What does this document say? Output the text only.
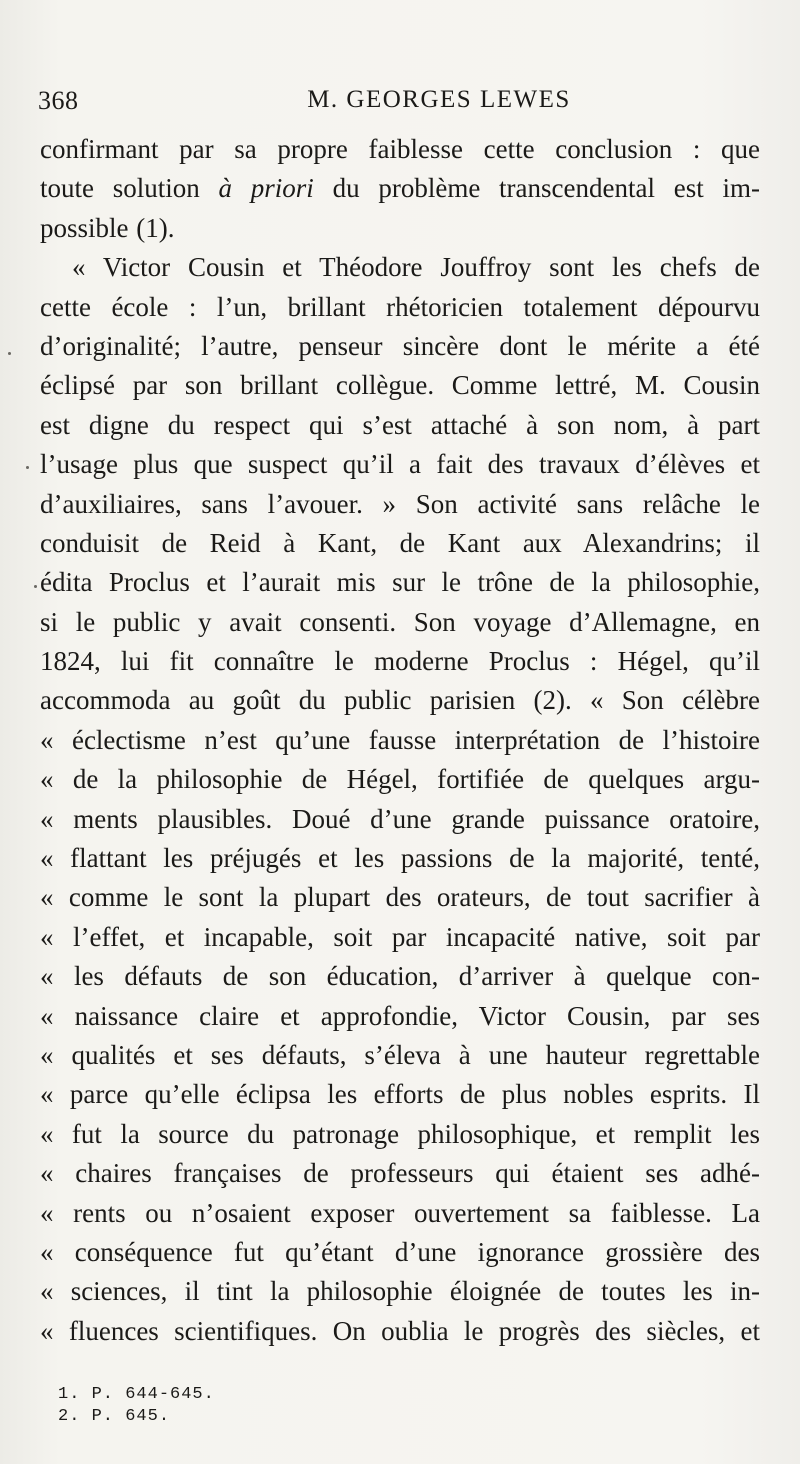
368	M. GEORGES LEWES
confirmant par sa propre faiblesse cette conclusion : que
toute solution à priori du problème transcendental est im-
possible (1).
« Victor Cousin et Théodore Jouffroy sont les chefs de
cette école : l’un, brillant rhétoricien totalement dépourvu
d’originalité; l’autre, penseur sincère dont le mérite a été
éclipsé par son brillant collègue. Comme lettré, M. Cousin
est digne du respect qui s’est attaché à son nom, à part
l’usage plus que suspect qu’il a fait des travaux d’élèves et
d’auxiliaires, sans l’avouer. » Son activité sans relâche le
conduisit de Reid à Kant, de Kant aux Alexandrins; il
édita Proclus et l’aurait mis sur le trône de la philosophie,
si le public y avait consenti. Son voyage d’Allemagne, en
1824, lui fit connaître le moderne Proclus : Hégel, qu’il
accommoda au goût du public parisien (2). « Son célèbre
« éclectisme n’est qu’une fausse interprétation de l’histoire
« de la philosophie de Hégel, fortifiée de quelques argu-
« ments plausibles. Doué d’une grande puissance oratoire,
« flattant les préjugés et les passions de la majorité, tenté,
« comme le sont la plupart des orateurs, de tout sacrifier à
« l’effet, et incapable, soit par incapacité native, soit par
« les défauts de son éducation, d’arriver à quelque con-
« naissance claire et approfondie, Victor Cousin, par ses
« qualités et ses défauts, s’éleva à une hauteur regrettable
« parce qu’elle éclipsa les efforts de plus nobles esprits. Il
« fut la source du patronage philosophique, et remplit les
« chaires françaises de professeurs qui étaient ses adhé-
« rents ou n’osaient exposer ouvertement sa faiblesse. La
« conséquence fut qu’étant d’une ignorance grossière des
« sciences, il tint la philosophie éloignée de toutes les in-
« fluences scientifiques. On oublia le progrès des siècles, et
1. P. 644-645.
2. P. 645.
